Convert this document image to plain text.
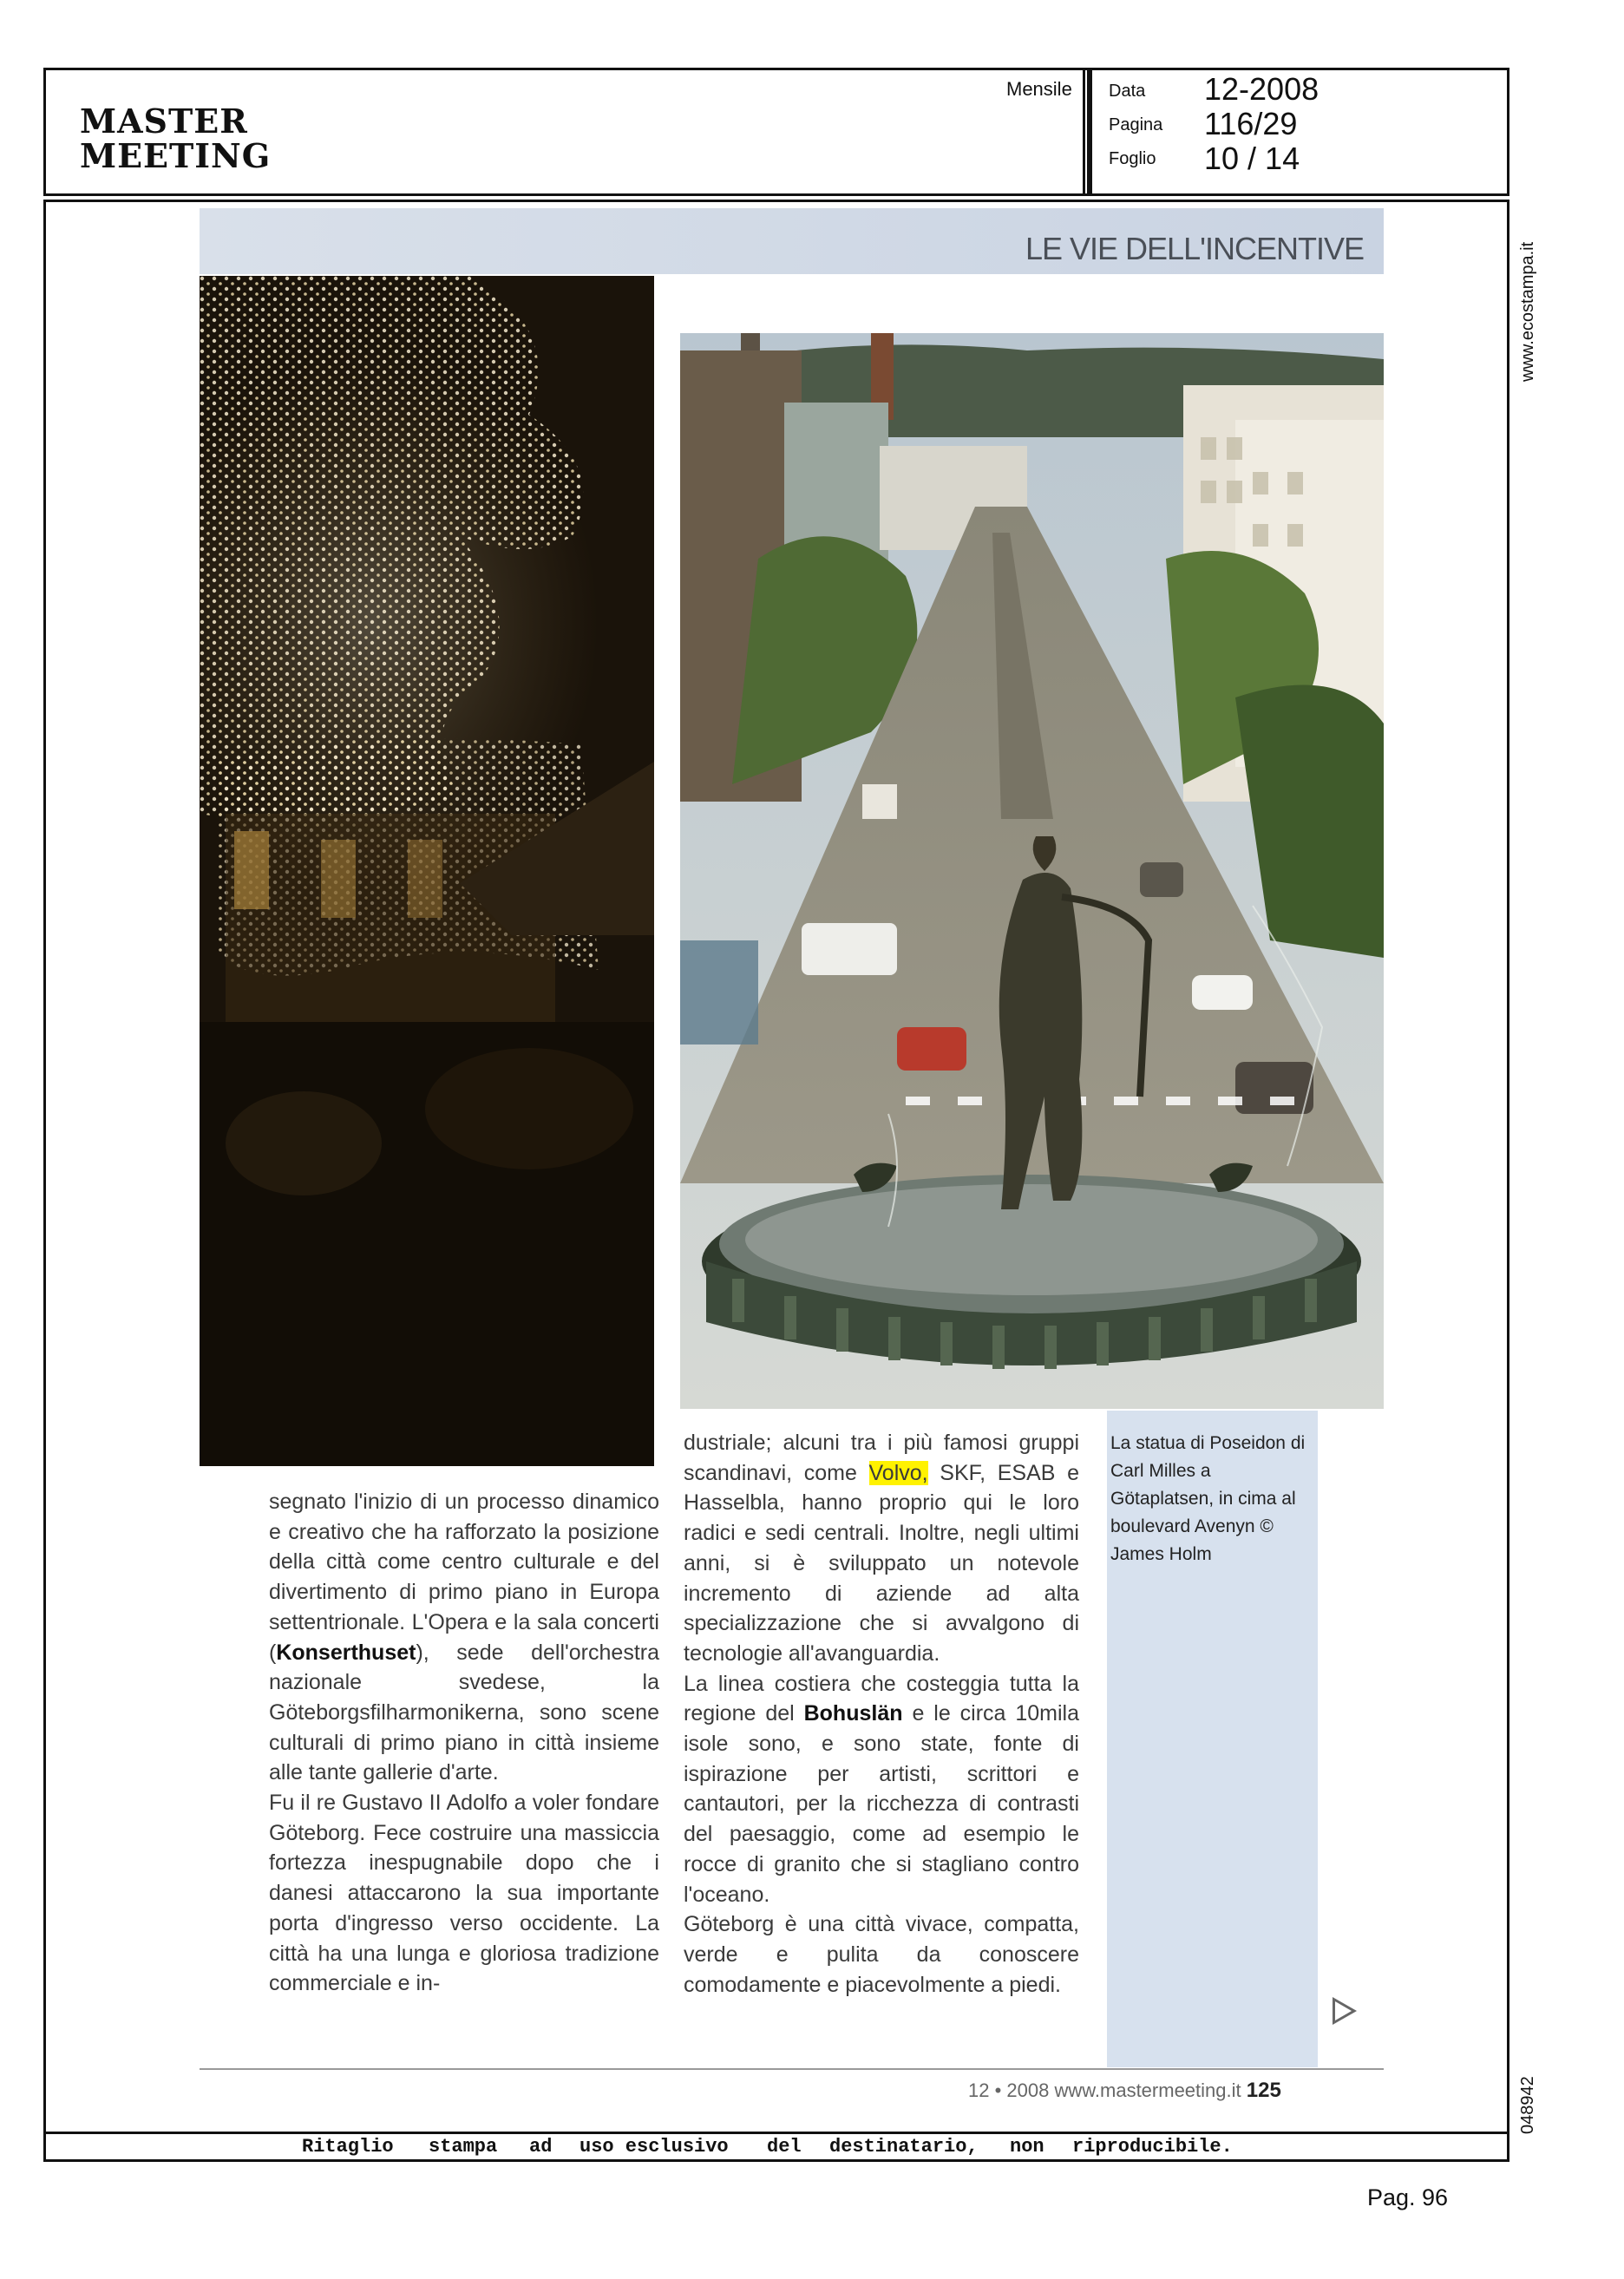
MASTER
MEETING
Mensile Data 12-2008
Pagina 116/29
Foglio 10 / 14
www.ecostampa.it
048942
LE VIE DELL'INCENTIVE
La statua di Poseidon di Carl Milles a Götaplatsen, in cima al boulevard Avenyn © James Holm

segnato l'inizio di un processo dinamico e creativo che ha rafforzato la posizione della città come centro culturale e del divertimento di primo piano in Europa settentrionale. L'Opera e la sala concerti (Konserthuset), sede dell'orchestra nazionale svedese, la Göteborgsfilharmonikerna, sono scene culturali di primo piano in città insieme alle tante gallerie d'arte.

Fu il re Gustavo II Adolfo a voler fondare Göteborg. Fece costruire una massiccia fortezza inespugnabile dopo che i danesi attaccarono la sua importante porta d'ingresso verso occidente. La città ha una lunga e gloriosa tradizione commerciale e in-

dustriale; alcuni tra i più famosi gruppi scandinavi, come Volvo, SKF, ESAB e Hasselbla, hanno proprio qui le loro radici e sedi centrali. Inoltre, negli ultimi anni, si è sviluppato un notevole incremento di aziende ad alta specializzazione che si avvalgono di tecnologie all'avanguardia.

La linea costiera che costeggia tutta la regione del Bohuslän e le circa 10mila isole sono, e sono state, fonte di ispirazione per artisti, scrittori e cantautori, per la ricchezza di contrasti del paesaggio, come ad esempio le rocce di granito che si stagliano contro l'oceano.

Göteborg è una città vivace, compatta, verde e pulita da conoscere comodamente e piacevolmente a piedi.

12 • 2008 www.mastermeeting.it 125
Ritaglio stampa ad uso esclusivo del destinatario, non riproducibile.
Pag. 96
